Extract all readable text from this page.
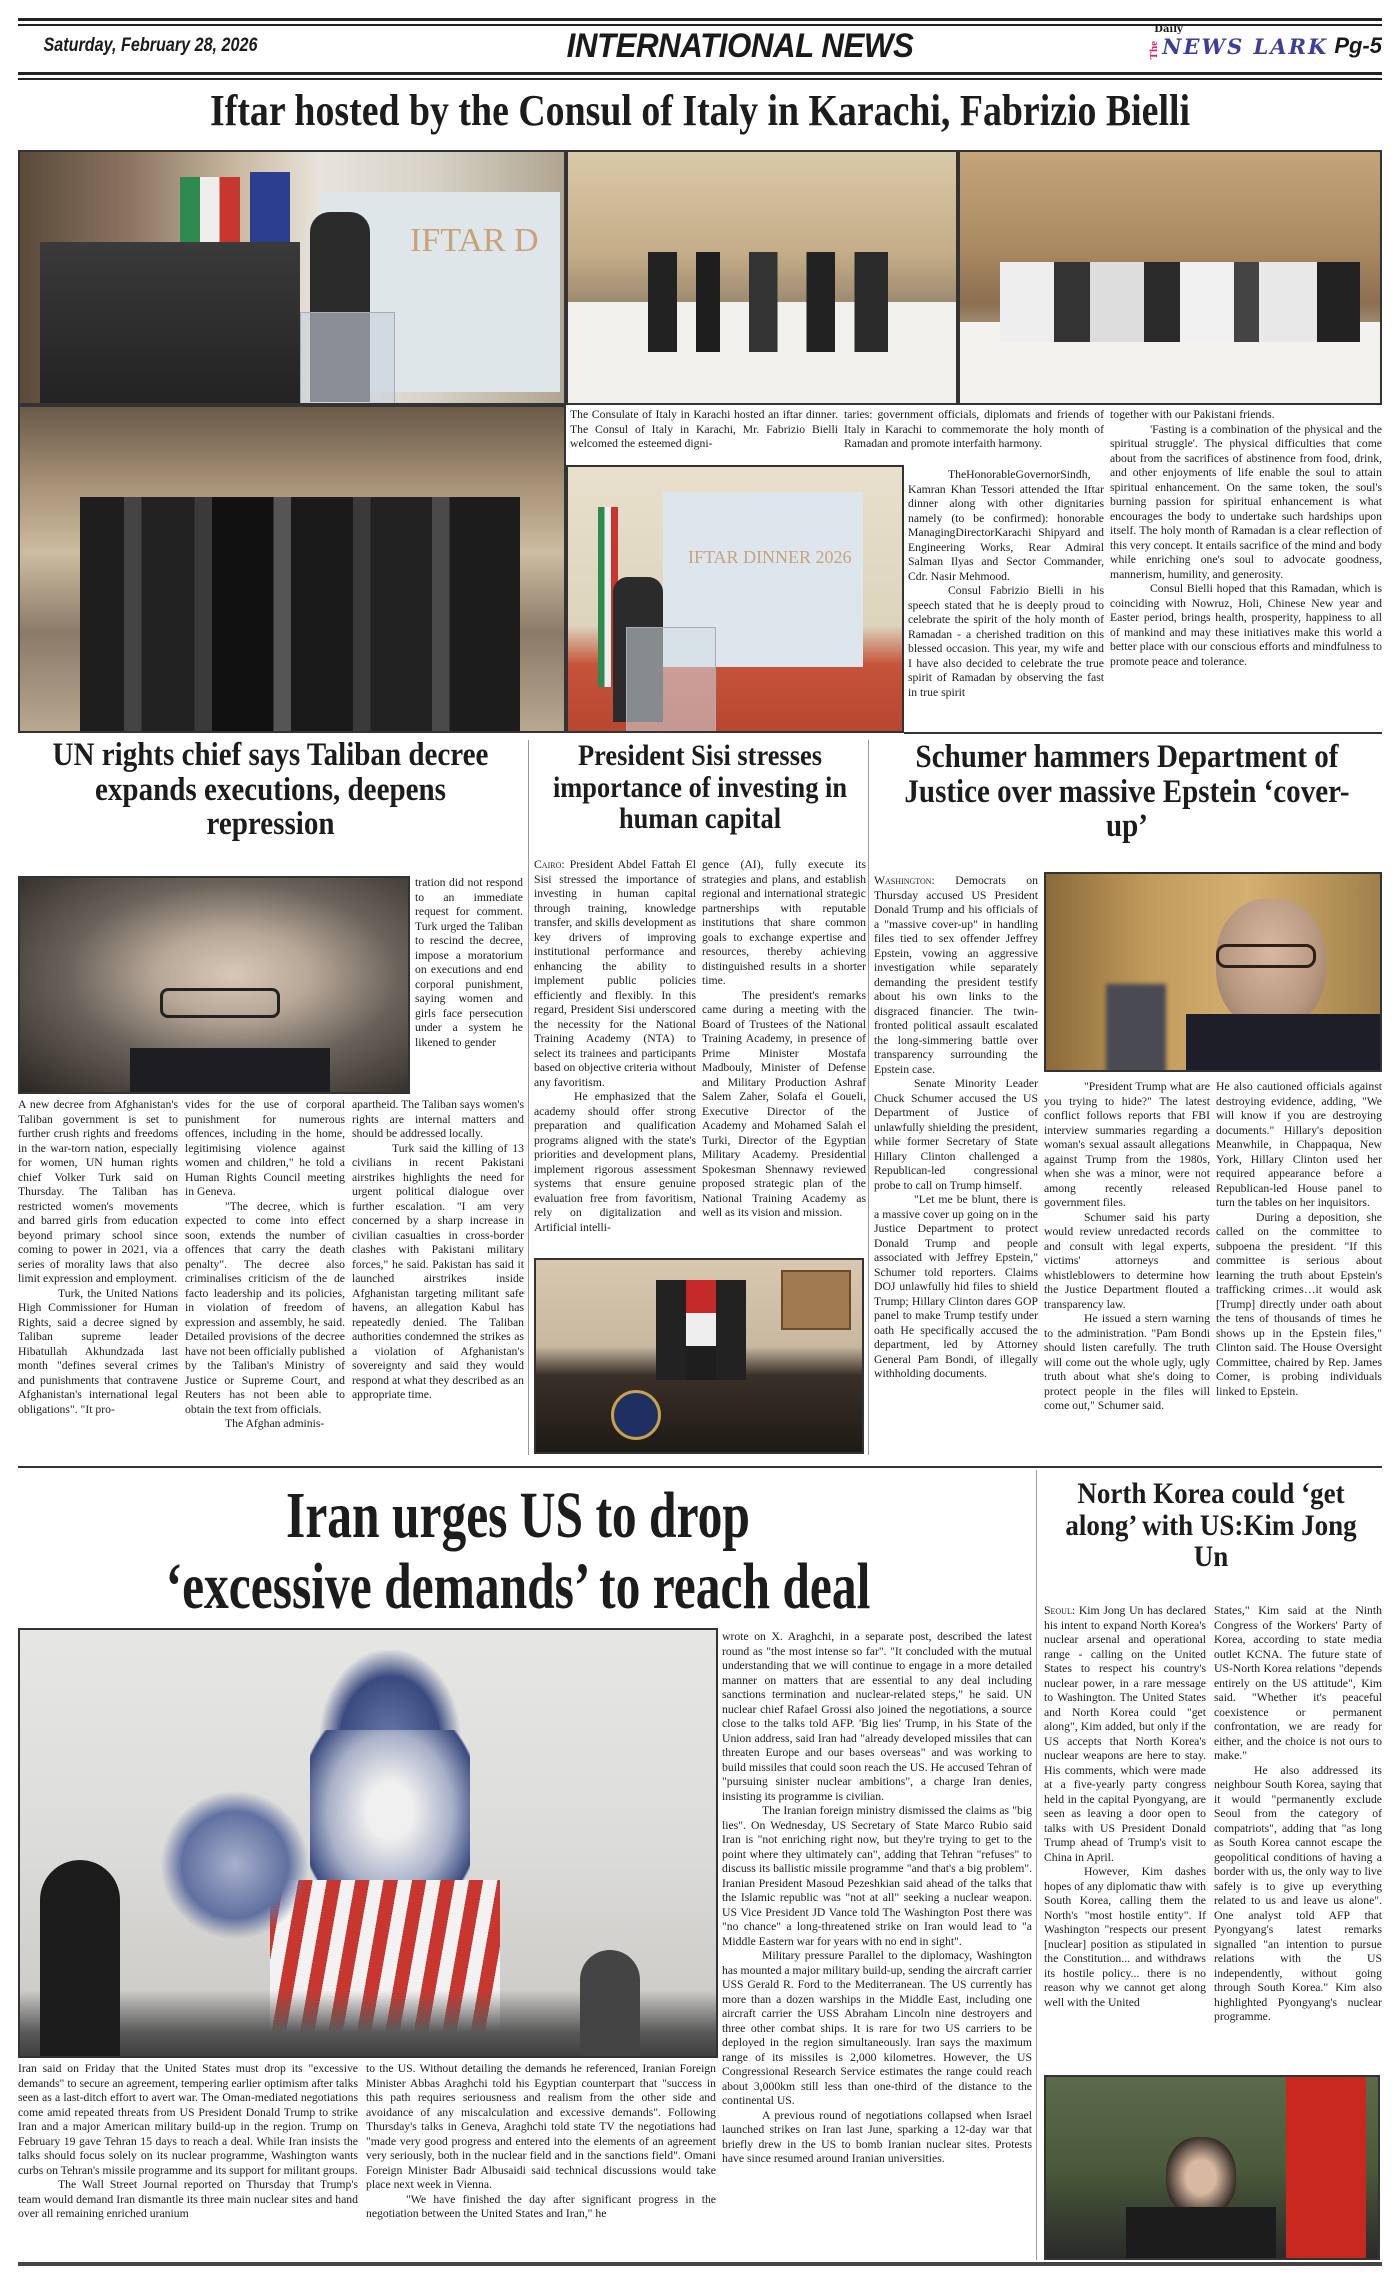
Saturday, February 28, 2026	INTERNATIONAL NEWS	Daily
The NEWS LARK Pg-5
Iftar hosted by the Consul of Italy in Karachi, Fabrizio Bielli
IFTAR D
IFTAR DINNER 2026

The Consulate of Italy in Karachi hosted an iftar dinner. The Consul of Italy in Karachi, Mr. Fabrizio Bielli welcomed the esteemed digni-

taries: government officials, diplomats and friends of Italy in Karachi to commemorate the holy month of Ramadan and promote interfaith harmony.

TheHonorableGovernorSindh, Kamran Khan Tessori attended the Iftar dinner along with other dignitaries namely (to be confirmed): honorable ManagingDirectorKarachi Shipyard and Engineering Works, Rear Admiral Salman Ilyas and Sector Commander, Cdr. Nasir Mehmood.

Consul Fabrizio Bielli in his speech stated that he is deeply proud to celebrate the spirit of the holy month of Ramadan - a cherished tradition on this blessed occasion. This year, my wife and I have also decided to celebrate the true spirit of Ramadan by observing the fast in true spirit

together with our Pakistani friends.

'Fasting is a combination of the physical and the spiritual struggle'. The physical difficulties that come about from the sacrifices of abstinence from food, drink, and other enjoyments of life enable the soul to attain spiritual enhancement. On the same token, the soul's burning passion for spiritual enhancement is what encourages the body to undertake such hardships upon itself. The holy month of Ramadan is a clear reflection of this very concept. It entails sacrifice of the mind and body while enriching one's soul to advocate goodness, mannerism, humility, and generosity.

Consul Bielli hoped that this Ramadan, which is coinciding with Nowruz, Holi, Chinese New year and Easter period, brings health, prosperity, happiness to all of mankind and may these initiatives make this world a better place with our conscious efforts and mindfulness to promote peace and tolerance.

UN rights chief says Taliban decree expands executions, deepens repression

tration did not respond to an immediate request for comment. Turk urged the Taliban to rescind the decree, impose a moratorium on executions and end corporal punishment, saying women and girls face persecution under a system he likened to gender

A new decree from Afghanistan's Taliban government is set to further crush rights and freedoms in the war-torn nation, especially for women, UN human rights chief Volker Turk said on Thursday. The Taliban has restricted women's movements and barred girls from education beyond primary school since coming to power in 2021, via a series of morality laws that also limit expression and employment.

Turk, the United Nations High Commissioner for Human Rights, said a decree signed by Taliban supreme leader Hibatullah Akhundzada last month "defines several crimes and punishments that contravene Afghanistan's international legal obligations". "It pro-

vides for the use of corporal punishment for numerous offences, including in the home, legitimising violence against women and children," he told a Human Rights Council meeting in Geneva.

"The decree, which is expected to come into effect soon, extends the number of offences that carry the death penalty". The decree also criminalises criticism of the de facto leadership and its policies, in violation of freedom of expression and assembly, he said. Detailed provisions of the decree have not been officially published by the Taliban's Ministry of Justice or Supreme Court, and Reuters has not been able to obtain the text from officials.

The Afghan adminis-

apartheid. The Taliban says women's rights are internal matters and should be addressed locally.

Turk said the killing of 13 civilians in recent Pakistani airstrikes highlights the need for urgent political dialogue over further escalation. "I am very concerned by a sharp increase in civilian casualties in cross-border clashes with Pakistani military forces," he said. Pakistan has said it launched airstrikes inside Afghanistan targeting militant safe havens, an allegation Kabul has repeatedly denied. The Taliban authorities condemned the strikes as a violation of Afghanistan's sovereignty and said they would respond at what they described as an appropriate time.

President Sisi stresses importance of investing in human capital

Cairo: President Abdel Fattah El Sisi stressed the importance of investing in human capital through training, knowledge transfer, and skills development as key drivers of improving institutional performance and enhancing the ability to implement public policies efficiently and flexibly. In this regard, President Sisi underscored the necessity for the National Training Academy (NTA) to select its trainees and participants based on objective criteria without any favoritism.

He emphasized that the academy should offer strong preparation and qualification programs aligned with the state's priorities and development plans, implement rigorous assessment systems that ensure genuine evaluation free from favoritism, rely on digitalization and Artificial intelli-

gence (AI), fully execute its strategies and plans, and establish regional and international strategic partnerships with reputable institutions that share common goals to exchange expertise and resources, thereby achieving distinguished results in a shorter time.

The president's remarks came during a meeting with the Board of Trustees of the National Training Academy, in presence of Prime Minister Mostafa Madbouly, Minister of Defense and Military Production Ashraf Salem Zaher, Solafa el Goueli, Executive Director of the Academy and Mohamed Salah el Turki, Director of the Egyptian Military Academy. Presidential Spokesman Shennawy reviewed proposed strategic plan of the National Training Academy as well as its vision and mission.

Schumer hammers Department of Justice over massive Epstein ‘cover-up’

Washington: Democrats on Thursday accused US President Donald Trump and his officials of a "massive cover-up" in handling files tied to sex offender Jeffrey Epstein, vowing an aggressive investigation while separately demanding the president testify about his own links to the disgraced financier. The twin-fronted political assault escalated the long-simmering battle over transparency surrounding the Epstein case.

Senate Minority Leader Chuck Schumer accused the US Department of Justice of unlawfully shielding the president, while former Secretary of State Hillary Clinton challenged a Republican-led congressional probe to call on Trump himself.

"Let me be blunt, there is a massive cover up going on in the Justice Department to protect Donald Trump and people associated with Jeffrey Epstein," Schumer told reporters. Claims DOJ unlawfully hid files to shield Trump; Hillary Clinton dares GOP panel to make Trump testify under oath He specifically accused the department, led by Attorney General Pam Bondi, of illegally withholding documents.

"President Trump what are you trying to hide?" The latest conflict follows reports that FBI interview summaries regarding a woman's sexual assault allegations against Trump from the 1980s, when she was a minor, were not among recently released government files.

Schumer said his party would review unredacted records and consult with legal experts, victims' attorneys and whistleblowers to determine how the Justice Department flouted a transparency law.

He issued a stern warning to the administration. "Pam Bondi should listen carefully. The truth will come out the whole ugly, ugly truth about what she's doing to protect people in the files will come out," Schumer said.

He also cautioned officials against destroying evidence, adding, "We will know if you are destroying documents." Hillary's deposition Meanwhile, in Chappaqua, New York, Hillary Clinton used her required appearance before a Republican-led House panel to turn the tables on her inquisitors.

During a deposition, she called on the committee to subpoena the president. "If this committee is serious about learning the truth about Epstein's trafficking crimes…it would ask [Trump] directly under oath about the tens of thousands of times he shows up in the Epstein files," Clinton said. The House Oversight Committee, chaired by Rep. James Comer, is probing individuals linked to Epstein.

Iran urges US to drop
‘excessive demands’ to reach deal

wrote on X. Araghchi, in a separate post, described the latest round as "the most intense so far". "It concluded with the mutual understanding that we will continue to engage in a more detailed manner on matters that are essential to any deal including sanctions termination and nuclear-related steps," he said. UN nuclear chief Rafael Grossi also joined the negotiations, a source close to the talks told AFP. 'Big lies' Trump, in his State of the Union address, said Iran had "already developed missiles that can threaten Europe and our bases overseas" and was working to build missiles that could soon reach the US. He accused Tehran of "pursuing sinister nuclear ambitions", a charge Iran denies, insisting its programme is civilian.

The Iranian foreign ministry dismissed the claims as "big lies". On Wednesday, US Secretary of State Marco Rubio said Iran is "not enriching right now, but they're trying to get to the point where they ultimately can", adding that Tehran "refuses" to discuss its ballistic missile programme "and that's a big problem". Iranian President Masoud Pezeshkian said ahead of the talks that the Islamic republic was "not at all" seeking a nuclear weapon. US Vice President JD Vance told The Washington Post there was "no chance" a long-threatened strike on Iran would lead to "a Middle Eastern war for years with no end in sight".

Military pressure Parallel to the diplomacy, Washington has mounted a major military build-up, sending the aircraft carrier USS Gerald R. Ford to the Mediterranean. The US currently has more than a dozen warships in the Middle East, including one aircraft carrier the USS Abraham Lincoln nine destroyers and three other combat ships. It is rare for two US carriers to be deployed in the region simultaneously. Iran says the maximum range of its missiles is 2,000 kilometres. However, the US Congressional Research Service estimates the range could reach about 3,000km still less than one-third of the distance to the continental US.

A previous round of negotiations collapsed when Israel launched strikes on Iran last June, sparking a 12-day war that briefly drew in the US to bomb Iranian nuclear sites. Protests have since resumed around Iranian universities.

Iran said on Friday that the United States must drop its "excessive demands" to secure an agreement, tempering earlier optimism after talks seen as a last-ditch effort to avert war. The Oman-mediated negotiations come amid repeated threats from US President Donald Trump to strike Iran and a major American military build-up in the region. Trump on February 19 gave Tehran 15 days to reach a deal. While Iran insists the talks should focus solely on its nuclear programme, Washington wants curbs on Tehran's missile programme and its support for militant groups.

The Wall Street Journal reported on Thursday that Trump's team would demand Iran dismantle its three main nuclear sites and hand over all remaining enriched uranium

to the US. Without detailing the demands he referenced, Iranian Foreign Minister Abbas Araghchi told his Egyptian counterpart that "success in this path requires seriousness and realism from the other side and avoidance of any miscalculation and excessive demands". Following Thursday's talks in Geneva, Araghchi told state TV the negotiations had "made very good progress and entered into the elements of an agreement very seriously, both in the nuclear field and in the sanctions field". Omani Foreign Minister Badr Albusaidi said technical discussions would take place next week in Vienna.

"We have finished the day after significant progress in the negotiation between the United States and Iran," he

North Korea could ‘get along’ with US:Kim Jong Un

Seoul: Kim Jong Un has declared his intent to expand North Korea's nuclear arsenal and operational range - calling on the United States to respect his country's nuclear power, in a rare message to Washington. The United States and North Korea could "get along", Kim added, but only if the US accepts that North Korea's nuclear weapons are here to stay. His comments, which were made at a five-yearly party congress held in the capital Pyongyang, are seen as leaving a door open to talks with US President Donald Trump ahead of Trump's visit to China in April.

However, Kim dashes hopes of any diplomatic thaw with South Korea, calling them the North's "most hostile entity". If Washington "respects our present [nuclear] position as stipulated in the Constitution... and withdraws its hostile policy... there is no reason why we cannot get along well with the United

States," Kim said at the Ninth Congress of the Workers' Party of Korea, according to state media outlet KCNA. The future state of US-North Korea relations "depends entirely on the US attitude", Kim said. "Whether it's peaceful coexistence or permanent confrontation, we are ready for either, and the choice is not ours to make."

He also addressed its neighbour South Korea, saying that it would "permanently exclude Seoul from the category of compatriots", adding that "as long as South Korea cannot escape the geopolitical conditions of having a border with us, the only way to live safely is to give up everything related to us and leave us alone". One analyst told AFP that Pyongyang's latest remarks signalled "an intention to pursue relations with the US independently, without going through South Korea." Kim also highlighted Pyongyang's nuclear programme.
